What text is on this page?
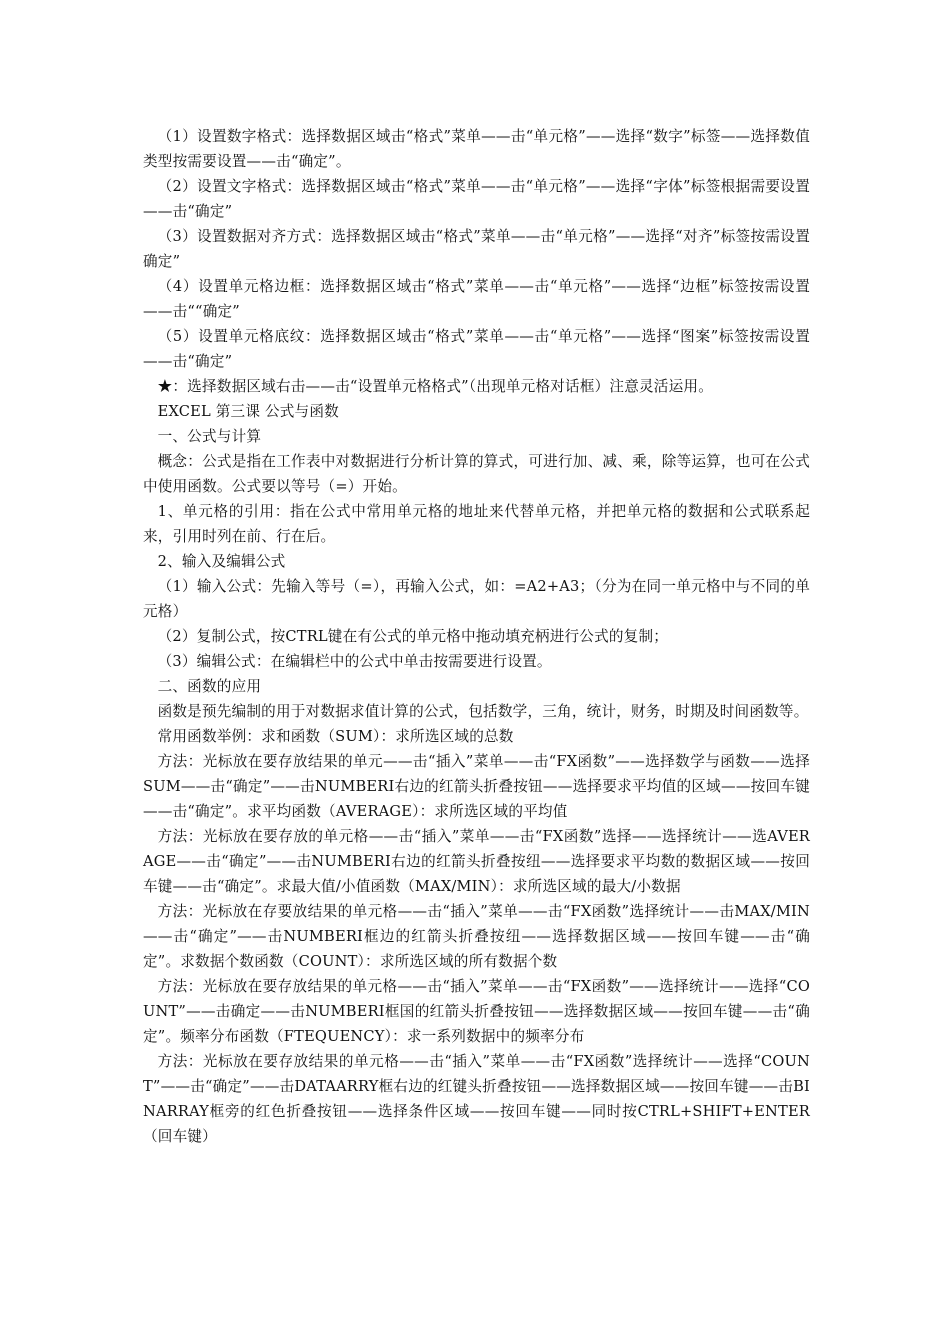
（1）设置数字格式：选择数据区域击“格式”菜单——击“单元格”——选择“数字”标签——选择数值类型按需要设置——击“确定”。

（2）设置文字格式：选择数据区域击“格式”菜单——击“单元格”——选择“字体”标签根据需要设置——击“确定”

（3）设置数据对齐方式：选择数据区域击“格式”菜单——击“单元格”——选择“对齐”标签按需设置确定”

（4）设置单元格边框：选择数据区域击“格式”菜单——击“单元格”——选择“边框”标签按需设置——击““确定”

（5）设置单元格底纹：选择数据区域击“格式”菜单——击“单元格”——选择“图案”标签按需设置——击“确定”

★：选择数据区域右击——击“设置单元格格式”（出现单元格对话框）注意灵活运用。

EXCEL 第三课 公式与函数

一、公式与计算

概念：公式是指在工作表中对数据进行分析计算的算式，可进行加、减、乘，除等运算，也可在公式中使用函数。公式要以等号（=）开始。

1、单元格的引用：指在公式中常用单元格的地址来代替单元格，并把单元格的数据和公式联系起来，引用时列在前、行在后。

2、输入及编辑公式

（1）输入公式：先输入等号（=），再输入公式，如：=A2+A3；（分为在同一单元格中与不同的单元格）

（2）复制公式，按CTRL键在有公式的单元格中拖动填充柄进行公式的复制；

（3）编辑公式：在编辑栏中的公式中单击按需要进行设置。

二、函数的应用

函数是预先编制的用于对数据求值计算的公式，包括数学，三角，统计，财务，时期及时间函数等。

常用函数举例：求和函数（SUM）：求所选区域的总数

方法：光标放在要存放结果的单元——击“插入”菜单——击“FX函数”——选择数学与函数——选择SUM——击“确定”——击NUMBERI右边的红箭头折叠按钮——选择要求平均值的区域——按回车键——击“确定”。求平均函数（AVERAGE）：求所选区域的平均值

方法：光标放在要存放的单元格——击“插入”菜单——击“FX函数”选择——选择统计——选AVERAGE——击“确定”——击NUMBERI右边的红箭头折叠按纽——选择要求平均数的数据区域——按回车键——击“确定”。求最大值/小值函数（MAX/MIN）：求所选区域的最大/小数据

方法：光标放在存要放结果的单元格——击“插入”菜单——击“FX函数”选择统计——击MAX/MIN——击“确定”——击NUMBERI框边的红箭头折叠按纽——选择数据区域——按回车键——击“确定”。求数据个数函数（COUNT）：求所选区域的所有数据个数

方法：光标放在要存放结果的单元格——击“插入”菜单——击“FX函数”——选择统计——选择“COUNT”——击确定——击NUMBERI框国的红箭头折叠按钮——选择数据区域——按回车键——击“确定”。频率分布函数（FTEQUENCY）：求一系列数据中的频率分布

方法：光标放在要存放结果的单元格——击“插入”菜单——击“FX函数”选择统计——选择“COUNT”——击“确定”——击DATAARRY框右边的红键头折叠按钮——选择数据区域——按回车键——击BINARRAY框旁的红色折叠按钮——选择条件区域——按回车键——同时按CTRL+SHIFT+ENTER（回车键）
